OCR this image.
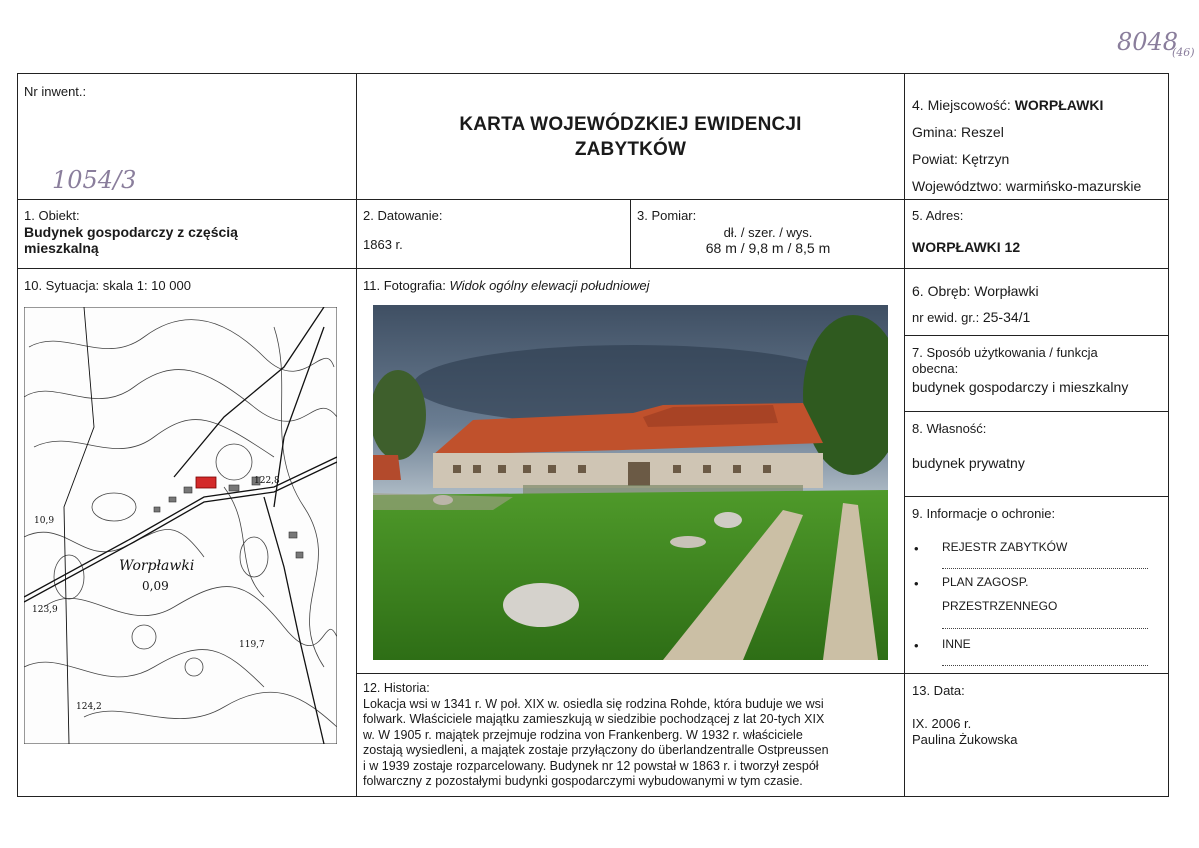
8048
(46)
Nr inwent.:
1054/3
KARTA WOJEWÓDZKIEJ EWIDENCJI
ZABYTKÓW
4. Miejscowość: WORPŁAWKI
Gmina: Reszel
Powiat: Kętrzyn
Województwo: warmińsko-mazurskie
1. Obiekt:
Budynek gospodarczy z częścią mieszkalną
2. Datowanie:
1863 r.
3. Pomiar:
dł. / szer. / wys.
68 m / 9,8 m / 8,5 m
5. Adres:
WORPŁAWKI 12
10. Sytuacja: skala 1: 10 000
Worpławki
0,09
123,9
119,7
124,2
122,8
10,9
11. Fotografia: Widok ogólny elewacji południowej	6. Obręb: Worpławki
nr ewid. gr.: 25-34/1
7. Sposób użytkowania / funkcja obecna:
budynek gospodarczy i mieszkalny
8. Własność:
budynek prywatny
9. Informacje o ochronie:
• REJESTR ZABYTKÓW
• PLAN ZAGOSP.
PRZESTRZENNEGO
• INNE
12. Historia:
Lokacja wsi w 1341 r. W poł. XIX w. osiedla się rodzina Rohde, która buduje we wsi
folwark. Właściciele majątku zamieszkują w siedzibie pochodzącej z lat 20-tych XIX
w. W 1905 r. majątek przejmuje rodzina von Frankenberg. W 1932 r. właściciele
zostają wysiedleni, a majątek zostaje przyłączony do überlandzentralle Ostpreussen
i w 1939 zostaje rozparcelowany. Budynek nr 12 powstał w 1863 r. i tworzył zespół
folwarczny z pozostałymi budynki gospodarczymi wybudowanymi w tym czasie.
13. Data:
IX. 2006 r.
Paulina Żukowska
